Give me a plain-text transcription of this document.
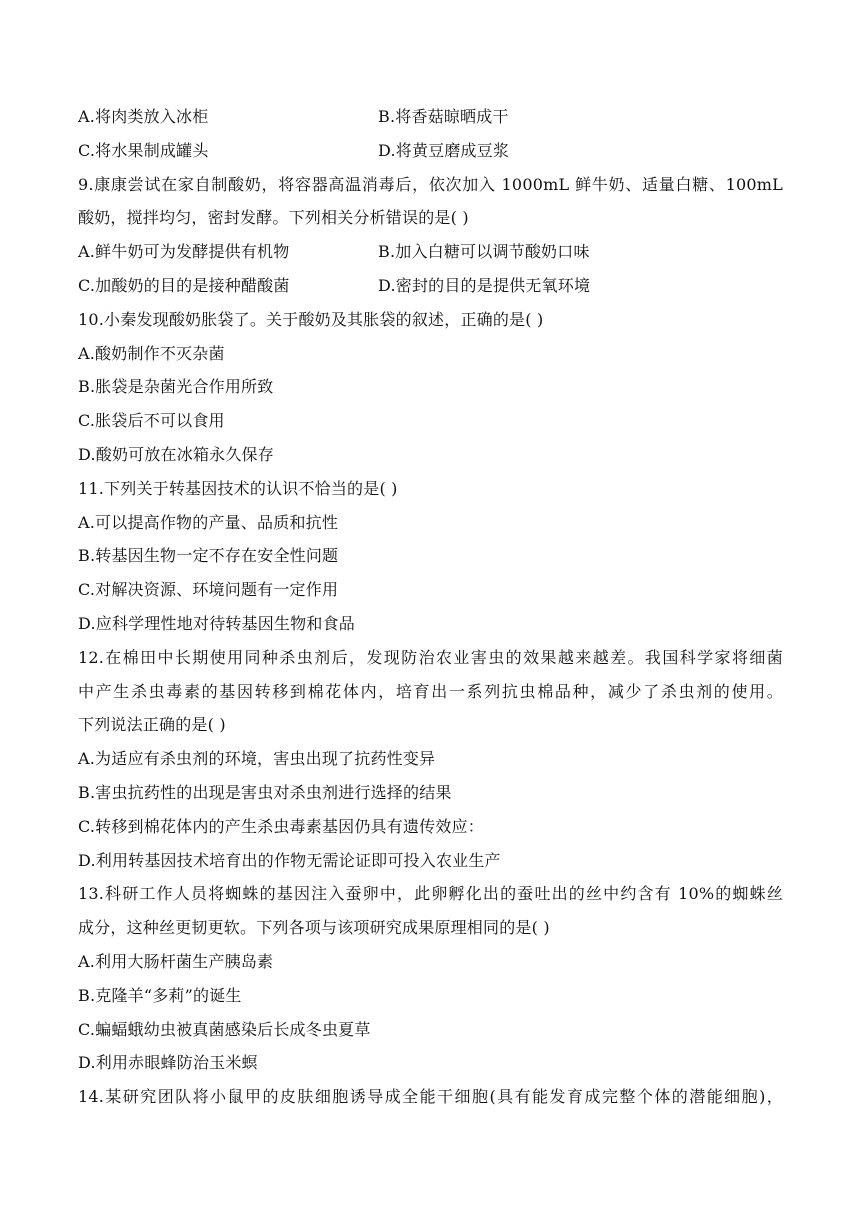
A.将肉类放入冰柜	B.将香菇晾晒成干
C.将水果制成罐头	D.将黄豆磨成豆浆
9.康康尝试在家自制酸奶，将容器高温消毒后，依次加入 1000mL 鲜牛奶、适量白糖、100mL
酸奶，搅拌均匀，密封发酵。下列相关分析错误的是( )
A.鲜牛奶可为发酵提供有机物	B.加入白糖可以调节酸奶口味
C.加酸奶的目的是接种醋酸菌	D.密封的目的是提供无氧环境
10.小秦发现酸奶胀袋了。关于酸奶及其胀袋的叙述，正确的是( )
A.酸奶制作不灭杂菌
B.胀袋是杂菌光合作用所致
C.胀袋后不可以食用
D.酸奶可放在冰箱永久保存
11.下列关于转基因技术的认识不恰当的是( )
A.可以提高作物的产量、品质和抗性
B.转基因生物一定不存在安全性问题
C.对解决资源、环境问题有一定作用
D.应科学理性地对待转基因生物和食品
12.在棉田中长期使用同种杀虫剂后，发现防治农业害虫的效果越来越差。我国科学家将细菌
中产生杀虫毒素的基因转移到棉花体内，培育出一系列抗虫棉品种，减少了杀虫剂的使用。
下列说法正确的是( )
A.为适应有杀虫剂的环境，害虫出现了抗药性变异
B.害虫抗药性的出现是害虫对杀虫剂进行选择的结果
C.转移到棉花体内的产生杀虫毒素基因仍具有遗传效应：
D.利用转基因技术培育出的作物无需论证即可投入农业生产
13.科研工作人员将蜘蛛的基因注入蚕卵中，此卵孵化出的蚕吐出的丝中约含有 10%的蜘蛛丝
成分，这种丝更韧更软。下列各项与该项研究成果原理相同的是( )
A.利用大肠杆菌生产胰岛素
B.克隆羊“多莉”的诞生
C.蝙蝠蛾幼虫被真菌感染后长成冬虫夏草
D.利用赤眼蜂防治玉米螟
14.某研究团队将小鼠甲的皮肤细胞诱导成全能干细胞(具有能发育成完整个体的潜能细胞)，
